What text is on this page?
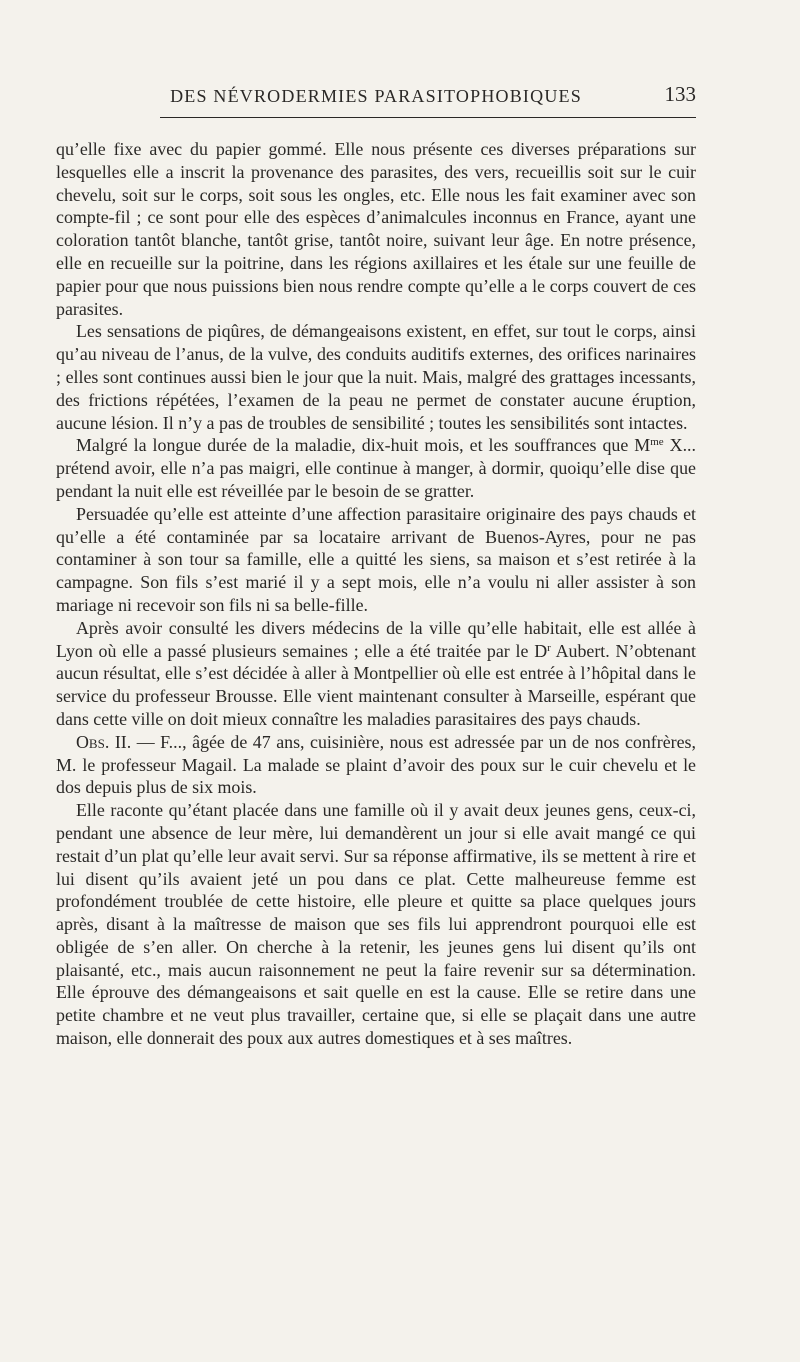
DES NÉVRODERMIES PARASITOPHOBIQUES	133

qu’elle fixe avec du papier gommé. Elle nous présente ces diverses préparations sur lesquelles elle a inscrit la provenance des parasites, des vers, recueillis soit sur le cuir chevelu, soit sur le corps, soit sous les ongles, etc. Elle nous les fait examiner avec son compte-fil ; ce sont pour elle des espèces d’animalcules inconnus en France, ayant une coloration tantôt blanche, tantôt grise, tantôt noire, suivant leur âge. En notre présence, elle en recueille sur la poitrine, dans les régions axillaires et les étale sur une feuille de papier pour que nous puissions bien nous rendre compte qu’elle a le corps couvert de ces parasites.

Les sensations de piqûres, de démangeaisons existent, en effet, sur tout le corps, ainsi qu’au niveau de l’anus, de la vulve, des conduits auditifs externes, des orifices narinaires ; elles sont continues aussi bien le jour que la nuit. Mais, malgré des grattages incessants, des frictions répétées, l’examen de la peau ne permet de constater aucune éruption, aucune lésion. Il n’y a pas de troubles de sensibilité ; toutes les sensibilités sont intactes.

Malgré la longue durée de la maladie, dix-huit mois, et les souffrances que $M^{me}$ X... prétend avoir, elle n’a pas maigri, elle continue à manger, à dormir, quoiqu’elle dise que pendant la nuit elle est réveillée par le besoin de se gratter.

Persuadée qu’elle est atteinte d’une affection parasitaire originaire des pays chauds et qu’elle a été contaminée par sa locataire arrivant de Buenos-Ayres, pour ne pas contaminer à son tour sa famille, elle a quitté les siens, sa maison et s’est retirée à la campagne. Son fils s’est marié il y a sept mois, elle n’a voulu ni aller assister à son mariage ni recevoir son fils ni sa belle-fille.

Après avoir consulté les divers médecins de la ville qu’elle habitait, elle est allée à Lyon où elle a passé plusieurs semaines ; elle a été traitée par le $D^r$ Aubert. N’obtenant aucun résultat, elle s’est décidée à aller à Montpellier où elle est entrée à l’hôpital dans le service du professeur Brousse. Elle vient maintenant consulter à Marseille, espérant que dans cette ville on doit mieux connaître les maladies parasitaires des pays chauds.

Obs. II. — F..., âgée de 47 ans, cuisinière, nous est adressée par un de nos confrères, M. le professeur Magail. La malade se plaint d’avoir des poux sur le cuir chevelu et le dos depuis plus de six mois.

Elle raconte qu’étant placée dans une famille où il y avait deux jeunes gens, ceux-ci, pendant une absence de leur mère, lui demandèrent un jour si elle avait mangé ce qui restait d’un plat qu’elle leur avait servi. Sur sa réponse affirmative, ils se mettent à rire et lui disent qu’ils avaient jeté un pou dans ce plat. Cette malheureuse femme est profondément troublée de cette histoire, elle pleure et quitte sa place quelques jours après, disant à la maîtresse de maison que ses fils lui apprendront pourquoi elle est obligée de s’en aller. On cherche à la retenir, les jeunes gens lui disent qu’ils ont plaisanté, etc., mais aucun raisonnement ne peut la faire revenir sur sa détermination. Elle éprouve des démangeaisons et sait quelle en est la cause. Elle se retire dans une petite chambre et ne veut plus travailler, certaine que, si elle se plaçait dans une autre maison, elle donnerait des poux aux autres domestiques et à ses maîtres.
